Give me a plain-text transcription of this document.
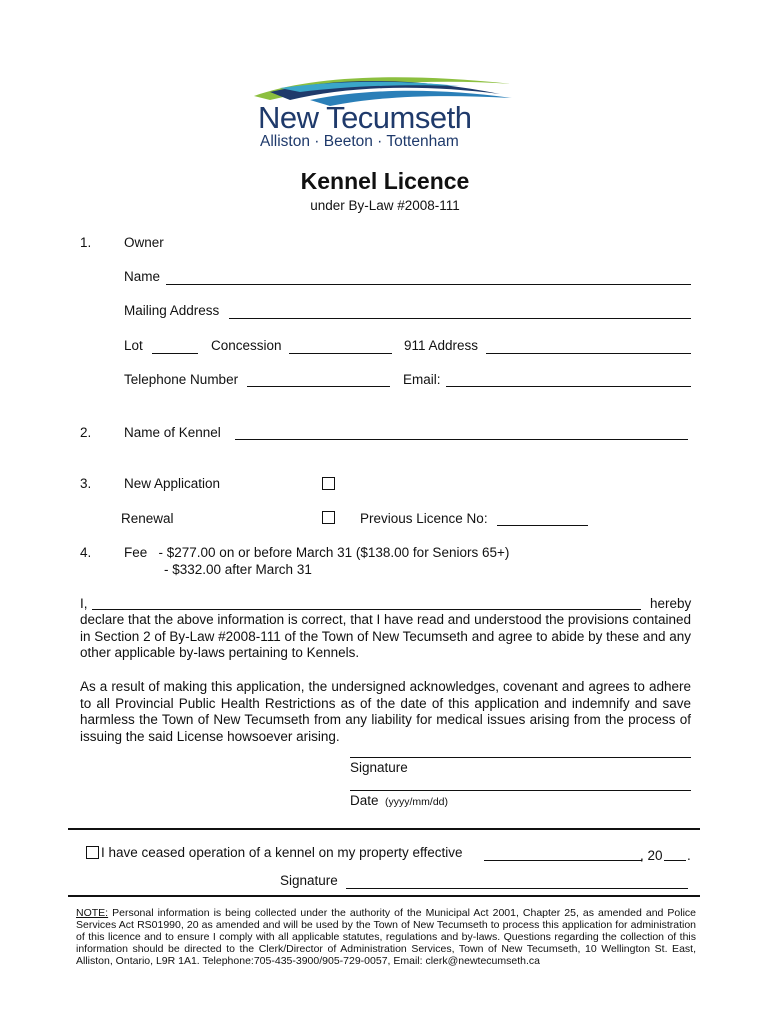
New Tecumseth
Alliston · Beeton · Tottenham
Kennel Licence
under By-Law #2008-111
1. Owner
Name
Mailing Address
Lot	Concession	911 Address
Telephone Number	Email:
2. Name of Kennel
3. New Application
Renewal	Previous Licence No:
4. Fee   - $277.00 on or before March 31 ($138.00 for Seniors 65+)
- $332.00 after March 31
I,	hereby
declare that the above information is correct, that I have read and understood the provisions contained in Section 2 of By-Law #2008-111 of the Town of New Tecumseth and agree to abide by these and any other applicable by-laws pertaining to Kennels.
As a result of making this application, the undersigned acknowledges, covenant and agrees to adhere to all Provincial Public Health Restrictions as of the date of this application and indemnify and save harmless the Town of New Tecumseth from any liability for medical issues arising from the process of issuing the said License howsoever arising.
Signature
Date (yyyy/mm/dd)
I have ceased operation of a kennel on my property effective	, 20 .
Signature
NOTE: Personal information is being collected under the authority of the Municipal Act 2001, Chapter 25, as amended and Police Services Act RS01990, 20 as amended and will be used by the Town of New Tecumseth to process this application for administration of this licence and to ensure I comply with all applicable statutes, regulations and by-laws. Questions regarding the collection of this information should be directed to the Clerk/Director of Administration Services, Town of New Tecumseth, 10 Wellington St. East, Alliston, Ontario, L9R 1A1. Telephone:705-435-3900/905-729-0057, Email: clerk@newtecumseth.ca
